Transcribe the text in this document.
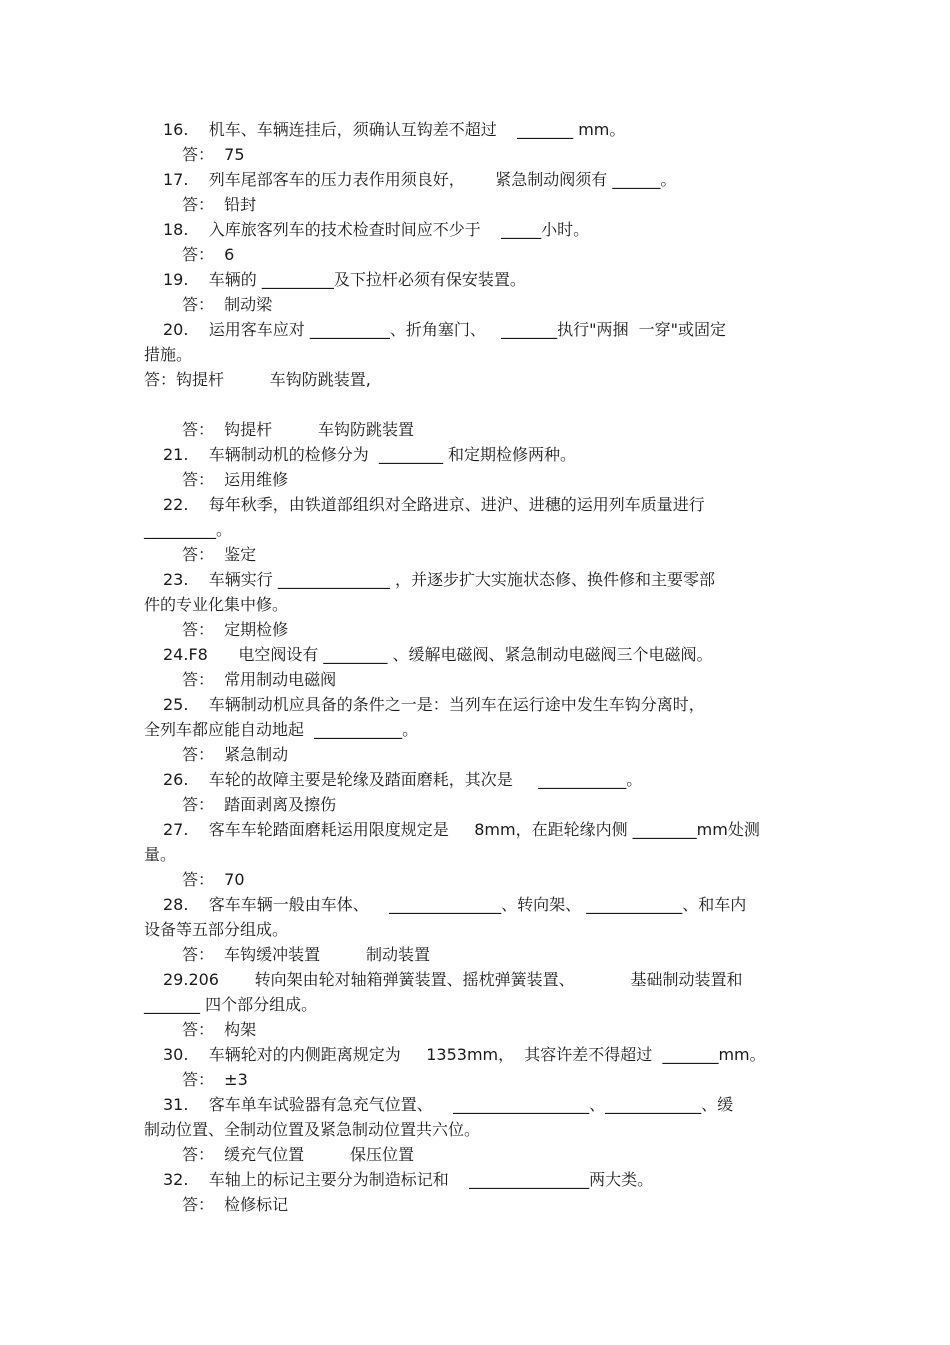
16.    机车、车辆连挂后，须确认互钩差不超过    _______ mm。
答：  75
17.    列车尾部客车的压力表作用须良好，      紧急制动阀须有 ______。
答：  铅封
18.    入库旅客列车的技术检查时间应不少于    _____小时。
答：  6
19.    车辆的 _________及下拉杆必须有保安装置。
答：  制动梁
20.    运用客车应对 __________、折角塞门、   _______执行"两捆  一穿"或固定
措施。
答：钩提杆         车钩防跳装置,
答：  钩提杆         车钩防跳装置
21.    车辆制动机的检修分为  ________ 和定期检修两种。
答：  运用维修
22.    每年秋季，由铁道部组织对全路进京、进沪、进穗的运用列车质量进行
_________。
答：  鉴定
23.    车辆实行 ______________ ，并逐步扩大实施状态修、换件修和主要零部
件的专业化集中修。
答：  定期检修
24.F8      电空阀设有 ________ 、缓解电磁阀、紧急制动电磁阀三个电磁阀。
答：  常用制动电磁阀
25.    车辆制动机应具备的条件之一是：当列车在运行途中发生车钩分离时，
全列车都应能自动地起  ___________。
答：  紧急制动
26.    车轮的故障主要是轮缘及踏面磨耗，其次是     ___________。
答：  踏面剥离及擦伤
27.    客车车轮踏面磨耗运用限度规定是     8mm，在距轮缘内侧 ________mm处测
量。
答：  70
28.    客车车辆一般由车体、    ______________、转向架、 ____________、和车内
设备等五部分组成。
答：  车钩缓冲装置         制动装置
29.206       转向架由轮对轴箱弹簧装置、摇枕弹簧装置、           基础制动装置和
_______ 四个部分组成。
答：  构架
30.    车辆轮对的内侧距离规定为     1353mm，  其容许差不得超过  _______mm。
答：  ±3
31.    客车单车试验器有急充气位置、    _________________、____________、缓
制动位置、全制动位置及紧急制动位置共六位。
答：  缓充气位置         保压位置
32.    车轴上的标记主要分为制造标记和    _______________两大类。
答：  检修标记
